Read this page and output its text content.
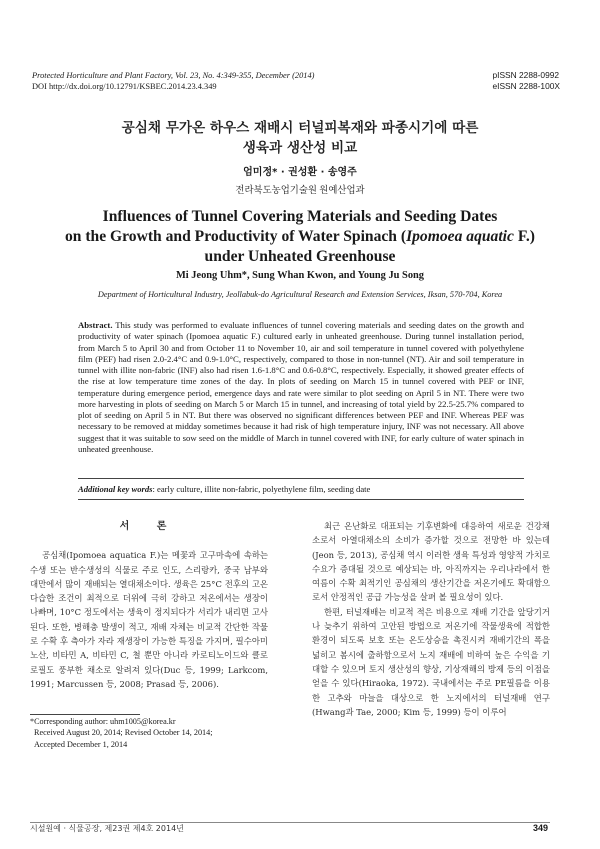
Protected Horticulture and Plant Factory, Vol. 23, No. 4:349-355, December (2014)
DOI http://dx.doi.org/10.12791/KSBEC.2014.23.4.349
pISSN 2288-0992
eISSN 2288-100X
공심채 무가온 하우스 재배시 터널피복재와 파종시기에 따른
생육과 생산성 비교
엄미정* · 권성환 · 송영주
전라북도농업기술원 원예산업과
Influences of Tunnel Covering Materials and Seeding Dates
on the Growth and Productivity of Water Spinach (Ipomoea aquatic F.)
under Unheated Greenhouse
Mi Jeong Uhm*, Sung Whan Kwon, and Young Ju Song
Department of Horticultural Industry, Jeollabuk-do Agricultural Research and Extension Services, Iksan, 570-704, Korea

Abstract. This study was performed to evaluate influences of tunnel covering materials and seeding dates on the growth and productivity of water spinach (Ipomoea aquatic F.) cultured early in unheated greenhouse. During tunnel installation period, from March 5 to April 30 and from October 11 to November 10, air and soil temperature in tunnel covered with polyethylene film (PEF) had risen 2.0-2.4°C and 0.9-1.0°C, respectively, compared to those in non-tunnel (NT). Air and soil temperature in tunnel with illite non-fabric (INF) also had risen 1.6-1.8°C and 0.6-0.8°C, respectively. Especially, it showed greater effects of the rise at low temperature time zones of the day. In plots of seeding on March 15 in tunnel covered with PEF or INF, temperature during emergence period, emergence days and rate were similar to plot seeding on April 5 in NT. There were two more harvesting in plots of seeding on March 5 or March 15 in tunnel, and increasing of total yield by 22.5-25.7% compared to plot of seeding on April 5 in NT. But there was observed no significant differences between PEF and INF. Whereas PEF was necessary to be removed at midday sometimes because it had risk of high temperature injury, INF was not necessary. All above suggest that it was suitable to sow seed on the middle of March in tunnel covered with INF, for early culture of water spinach in unheated greenhouse.

Additional key words: early culture, illite non-fabric, polyethylene film, seeding date
서 론

공심채(Ipomoea aquatica F.)는 메꽃과 고구마속에 속하는 수생 또는 반수생성의 식물로 주로 인도, 스리랑카, 중국 남부와 대만에서 많이 재배되는 열대채소이다. 생육은 25°C 전후의 고온다습한 조건이 최적으로 더위에 극히 강하고 저온에서는 생장이 나빠며, 10°C 정도에서는 생육이 정지되다가 서리가 내리면 고사된다. 또한, 병해충 발생이 적고, 재배 자체는 비교적 간단한 작물로 수확 후 측아가 자라 재생장이 가능한 특징을 가지며, 필수아미노산, 비타민 A, 비타민 C, 철 뿐만 아니라 카로티노이드와 클로로필도 풍부한 채소로 알려져 있다(Duc 등, 1999; Larkcom, 1991; Marcussen 등, 2008; Prasad 등, 2006).

최근 온난화로 대표되는 기후변화에 대응하여 새로운 건강채소로서 아열대채소의 소비가 증가할 것으로 전망한 바 있는데(Jeon 등, 2013), 공심채 역시 이러한 생육 특성과 영양적 가치로 수요가 증대될 것으로 예상되는 바, 아직까지는 우리나라에서 한여름이 수확 최적기인 공심채의 생산기간을 저온기에도 확대함으로서 안정적인 공급 가능성을 살펴 볼 필요성이 있다.

한편, 터널재배는 비교적 적은 비용으로 재배 기간을 앞당기거나 늦추기 위하여 고안된 방법으로 저온기에 작물생육에 적합한 환경이 되도록 보호 또는 온도상승을 촉진시켜 재배기간의 폭을 넓히고 봄시에 출하함으로서 노지 재배에 비하여 높은 수익을 기대할 수 있으며 토지 생산성의 향상, 기상재해의 방제 등의 이점을 얻을 수 있다(Hiraoka, 1972). 국내에서는 주로 PE필름을 이용한 고추와 마늘을 대상으로 한 노지에서의 터널재배 연구(Hwang과 Tae, 2000; Kim 등, 1999) 등이 이루어

*Corresponding author: uhm1005@korea.kr
Received August 20, 2014; Revised October 14, 2014;
Accepted December 1, 2014
시설원예 · 식물공장, 제23권 제4호 2014년	349
